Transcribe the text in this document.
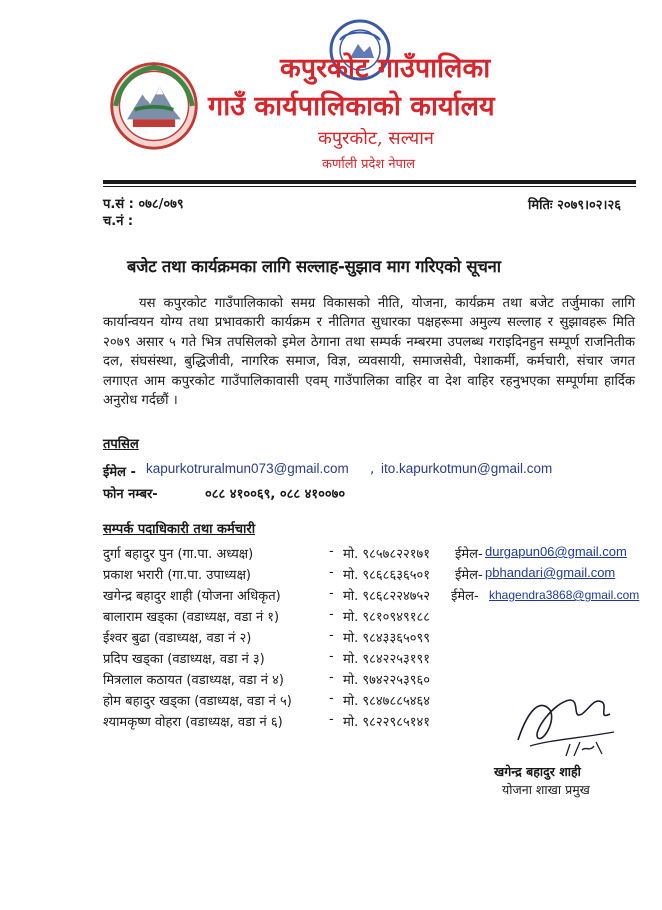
कपुरकोट गाउँपालिका
गाउँ कार्यपालिकाको कार्यालय
कपुरकोट, सल्यान
कर्णाली प्रदेश नेपाल
प.सं : ०७८/०७९
च.नं :
मितिः २०७९।०२।२६
बजेट तथा कार्यक्रमका लागि सल्लाह-सुझाव माग गरिएको सूचना
यस कपुरकोट गाउँपालिकाको समग्र विकासको नीति, योजना, कार्यक्रम तथा बजेट तर्जुमाका लागि कार्यान्वयन योग्य तथा प्रभावकारी कार्यक्रम र नीतिगत सुधारका पक्षहरूमा अमुल्य सल्लाह र सुझावहरू मिति २०७९ असार ५ गते भित्र तपसिलको इमेल ठेगाना तथा सम्पर्क नम्बरमा उपलब्ध गराइदिनहुन सम्पूर्ण राजनितीक दल, संघसंस्था, बुद्धिजीवी, नागरिक समाज, विज्ञ, व्यवसायी, समाजसेवी, पेशाकर्मी, कर्मचारी, संचार जगत लगाएत आम कपुरकोट गाउँपालिकावासी एवम् गाउँपालिका वाहिर वा देश वाहिर रहनुभएका सम्पूर्णमा हार्दिक अनुरोध गर्दछौं ।
तपसिल
ईमेल - kapurkotruralmun073@gmail.com , ito.kapurkotmun@gmail.com
फोन नम्बर-	०८८ ४१००६९, ०८८ ४१००७०
सम्पर्क पदाधिकारी तथा कर्मचारी
दुर्गा बहादुर पुन (गा.पा. अध्यक्ष)	- मो. ९८५७८२२१७१ ईमेल- durgapun06@gmail.com
प्रकाश भरारी (गा.पा. उपाध्यक्ष)	- मो. ९८६८६३६५०१ ईमेल- pbhandari@gmail.com
खगेन्द्र बहादुर शाही (योजना अधिकृत)	- मो. ९८६८२२४७५२ ईमेल- khagendra3868@gmail.com
बालाराम खड्का (वडाध्यक्ष, वडा नं १)	- मो. ९८१०९४९१८८
ईश्वर बुढा (वडाध्यक्ष, वडा नं २)	- मो. ९८४३३६५०९९
प्रदिप खड्का (वडाध्यक्ष, वडा नं ३)	- मो. ९८४२२५३१९१
मित्रलाल कठायत (वडाध्यक्ष, वडा नं ४)	- मो. ९७४२२५३९६०
होम बहादुर खड्का (वडाध्यक्ष, वडा नं ५)	- मो. ९८४७८८५४६४
श्यामकृष्ण वोहरा (वडाध्यक्ष, वडा नं ६)	- मो. ९८२२९८५१४१
खगेन्द्र बहादुर शाही
योजना शाखा प्रमुख
